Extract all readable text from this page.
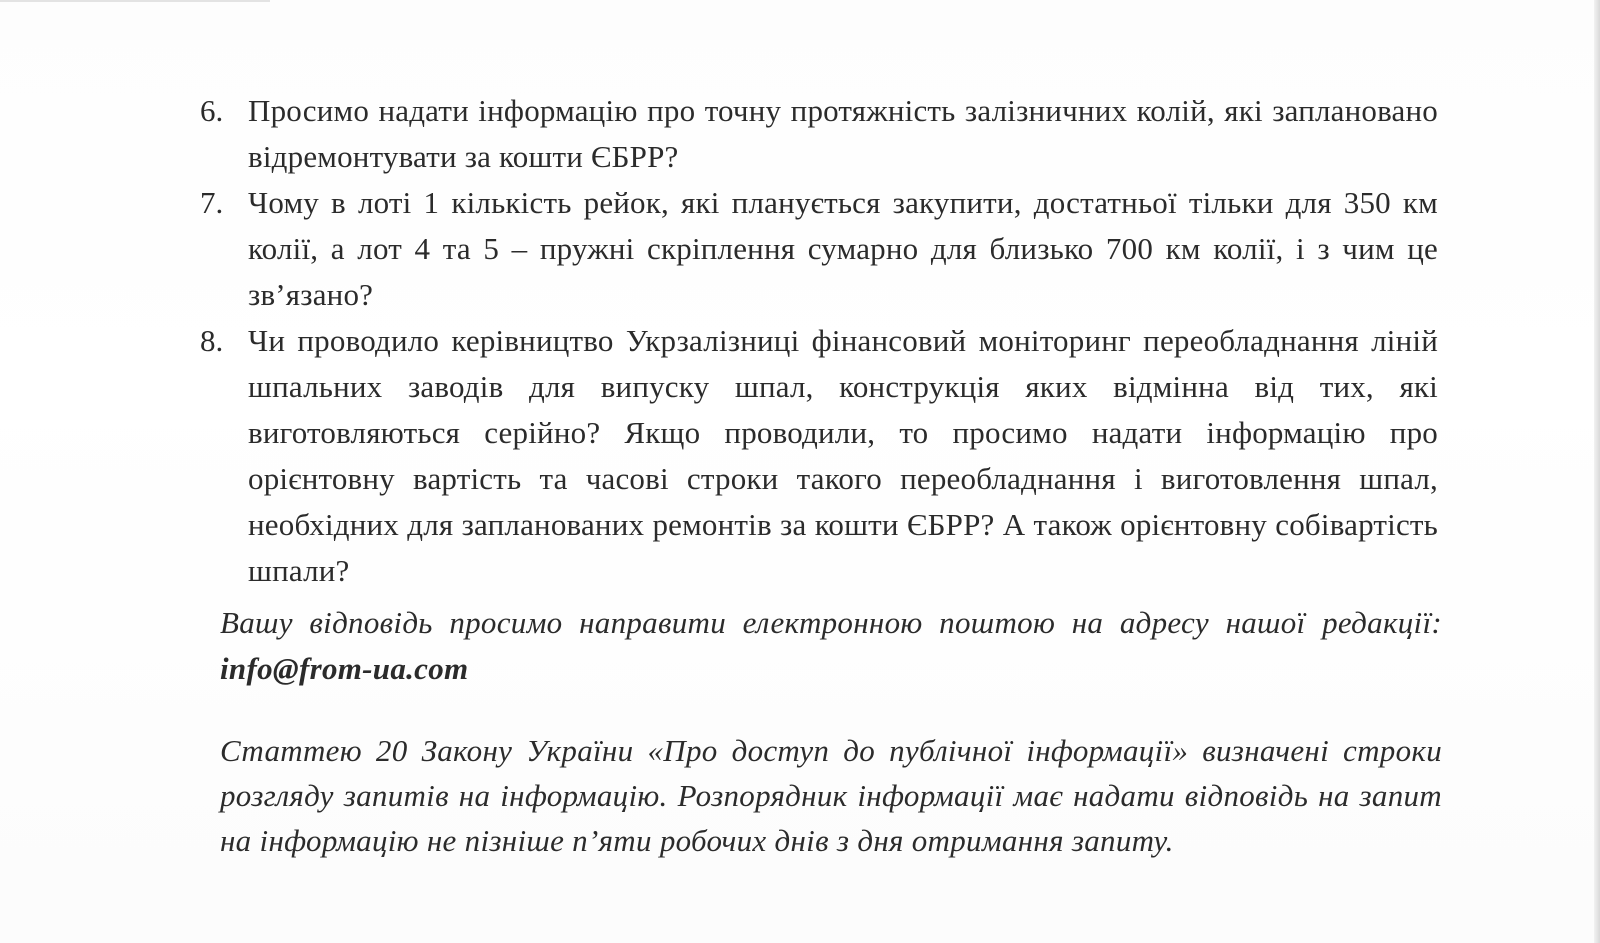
6. Просимо надати інформацію про точну протяжність залізничних колій, які заплановано відремонтувати за кошти ЄБРР?
7. Чому в лоті 1 кількість рейок, які планується закупити, достатньої тільки для 350 км колії, а лот 4 та 5 – пружні скріплення сумарно для близько 700 км колії, і з чим це зв’язано?
8. Чи проводило керівництво Укрзалізниці фінансовий моніторинг переобладнання ліній шпальних заводів для випуску шпал, конструкція яких відмінна від тих, які виготовляються серійно? Якщо проводили, то просимо надати інформацію про орієнтовну вартість та часові строки такого переобладнання і виготовлення шпал, необхідних для запланованих ремонтів за кошти ЄБРР? А також орієнтовну собівартість шпали?

Вашу відповідь просимо направити електронною поштою на адресу нашої редакції: info@from-ua.com

Статтею 20 Закону України «Про доступ до публічної інформації» визначені строки розгляду запитів на інформацію. Розпорядник інформації має надати відповідь на запит на інформацію не пізніше п’яти робочих днів з дня отримання запиту.
